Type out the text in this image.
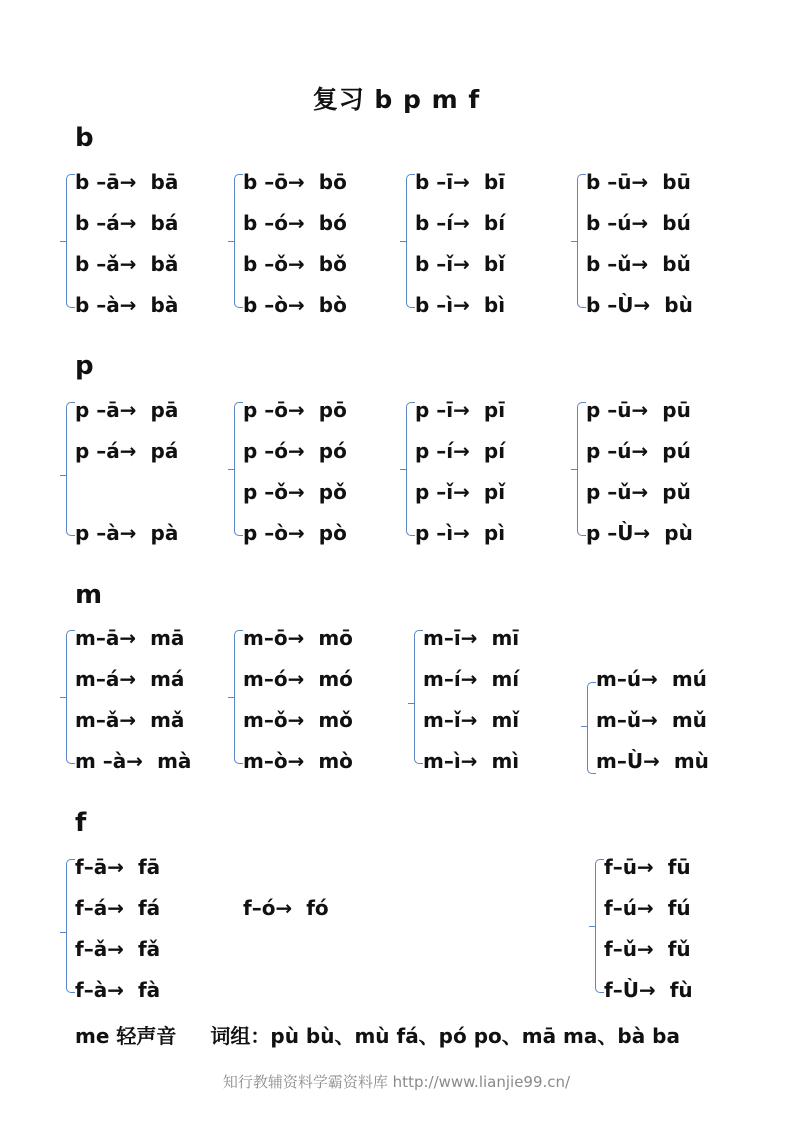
复习 b p m f
b
b –ā→ bā
b –á→ bá
b –ǎ→ bǎ
b –à→ bà
b –ō→ bō
b –ó→ bó
b –ǒ→ bǒ
b –ò→ bò
b –ī→ bī
b –í→ bí
b –ǐ→ bǐ
b –ì→ bì
b –ū→ bū
b –ú→ bú
b –ǔ→ bǔ
b –Ù→ bù
p
p –ā→ pā
p –á→ pá
p –à→ pà
p –ō→ pō
p –ó→ pó
p –ǒ→ pǒ
p –ò→ pò
p –ī→ pī
p –í→ pí
p –ǐ→ pǐ
p –ì→ pì
p –ū→ pū
p –ú→ pú
p –ǔ→ pǔ
p –Ù→ pù
m
m–ā→ mā
m–á→ má
m–ǎ→ mǎ
m –à→ mà
m–ō→ mō
m–ó→ mó
m–ǒ→ mǒ
m–ò→ mò
m–ī→ mī
m–í→ mí
m–ǐ→ mǐ
m–ì→ mì
m–ú→ mú
m–ǔ→ mǔ
m–Ù→ mù
f
f–ā→ fā
f–á→ fá
f–ǎ→ fǎ
f–à→ fà
f–ó→ fó
f–ū→ fū
f–ú→ fú
f–ǔ→ fǔ
f–Ù→ fù
me 轻声音 词组：pù bù、mù fá、pó po、mā ma、bà ba
知行教辅资料学霸资料库 http://www.lianjie99.cn/
